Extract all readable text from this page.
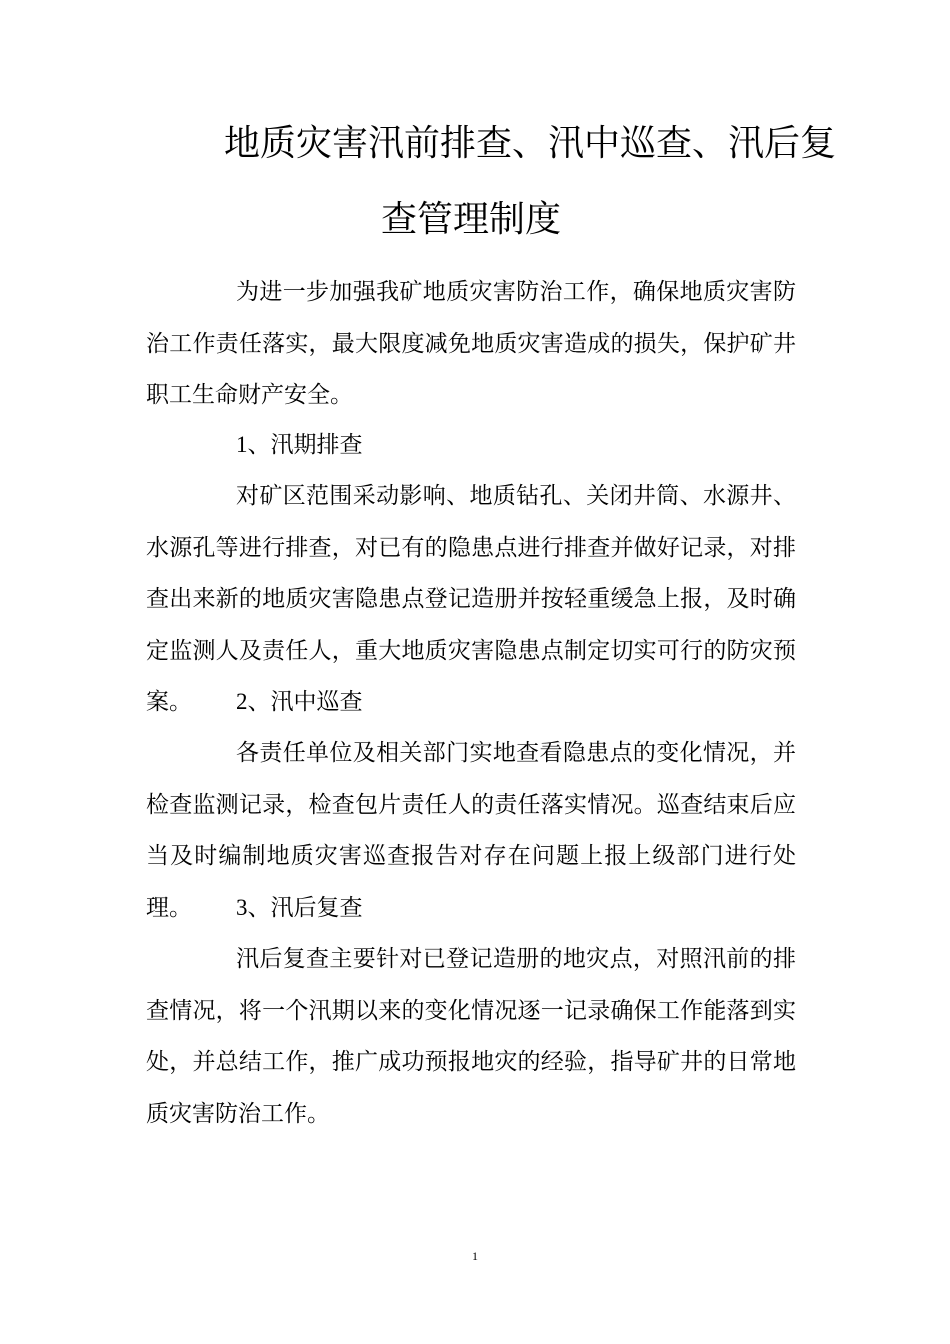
地质灾害汛前排查、汛中巡查、汛后复
查管理制度

为进一步加强我矿地质灾害防治工作，确保地质灾害防治工作责任落实，最大限度减免地质灾害造成的损失，保护矿井职工生命财产安全。

1、汛期排查

对矿区范围采动影响、地质钻孔、关闭井筒、水源井、水源孔等进行排查，对已有的隐患点进行排查并做好记录，对排查出来新的地质灾害隐患点登记造册并按轻重缓急上报，及时确定监测人及责任人，重大地质灾害隐患点制定切实可行的防灾预案。	2、汛中巡查

各责任单位及相关部门实地查看隐患点的变化情况，并检查监测记录，检查包片责任人的责任落实情况。巡查结束后应当及时编制地质灾害巡查报告对存在问题上报上级部门进行处理。	3、汛后复查

汛后复查主要针对已登记造册的地灾点，对照汛前的排查情况，将一个汛期以来的变化情况逐一记录确保工作能落到实处，并总结工作，推广成功预报地灾的经验，指导矿井的日常地质灾害防治工作。

1
